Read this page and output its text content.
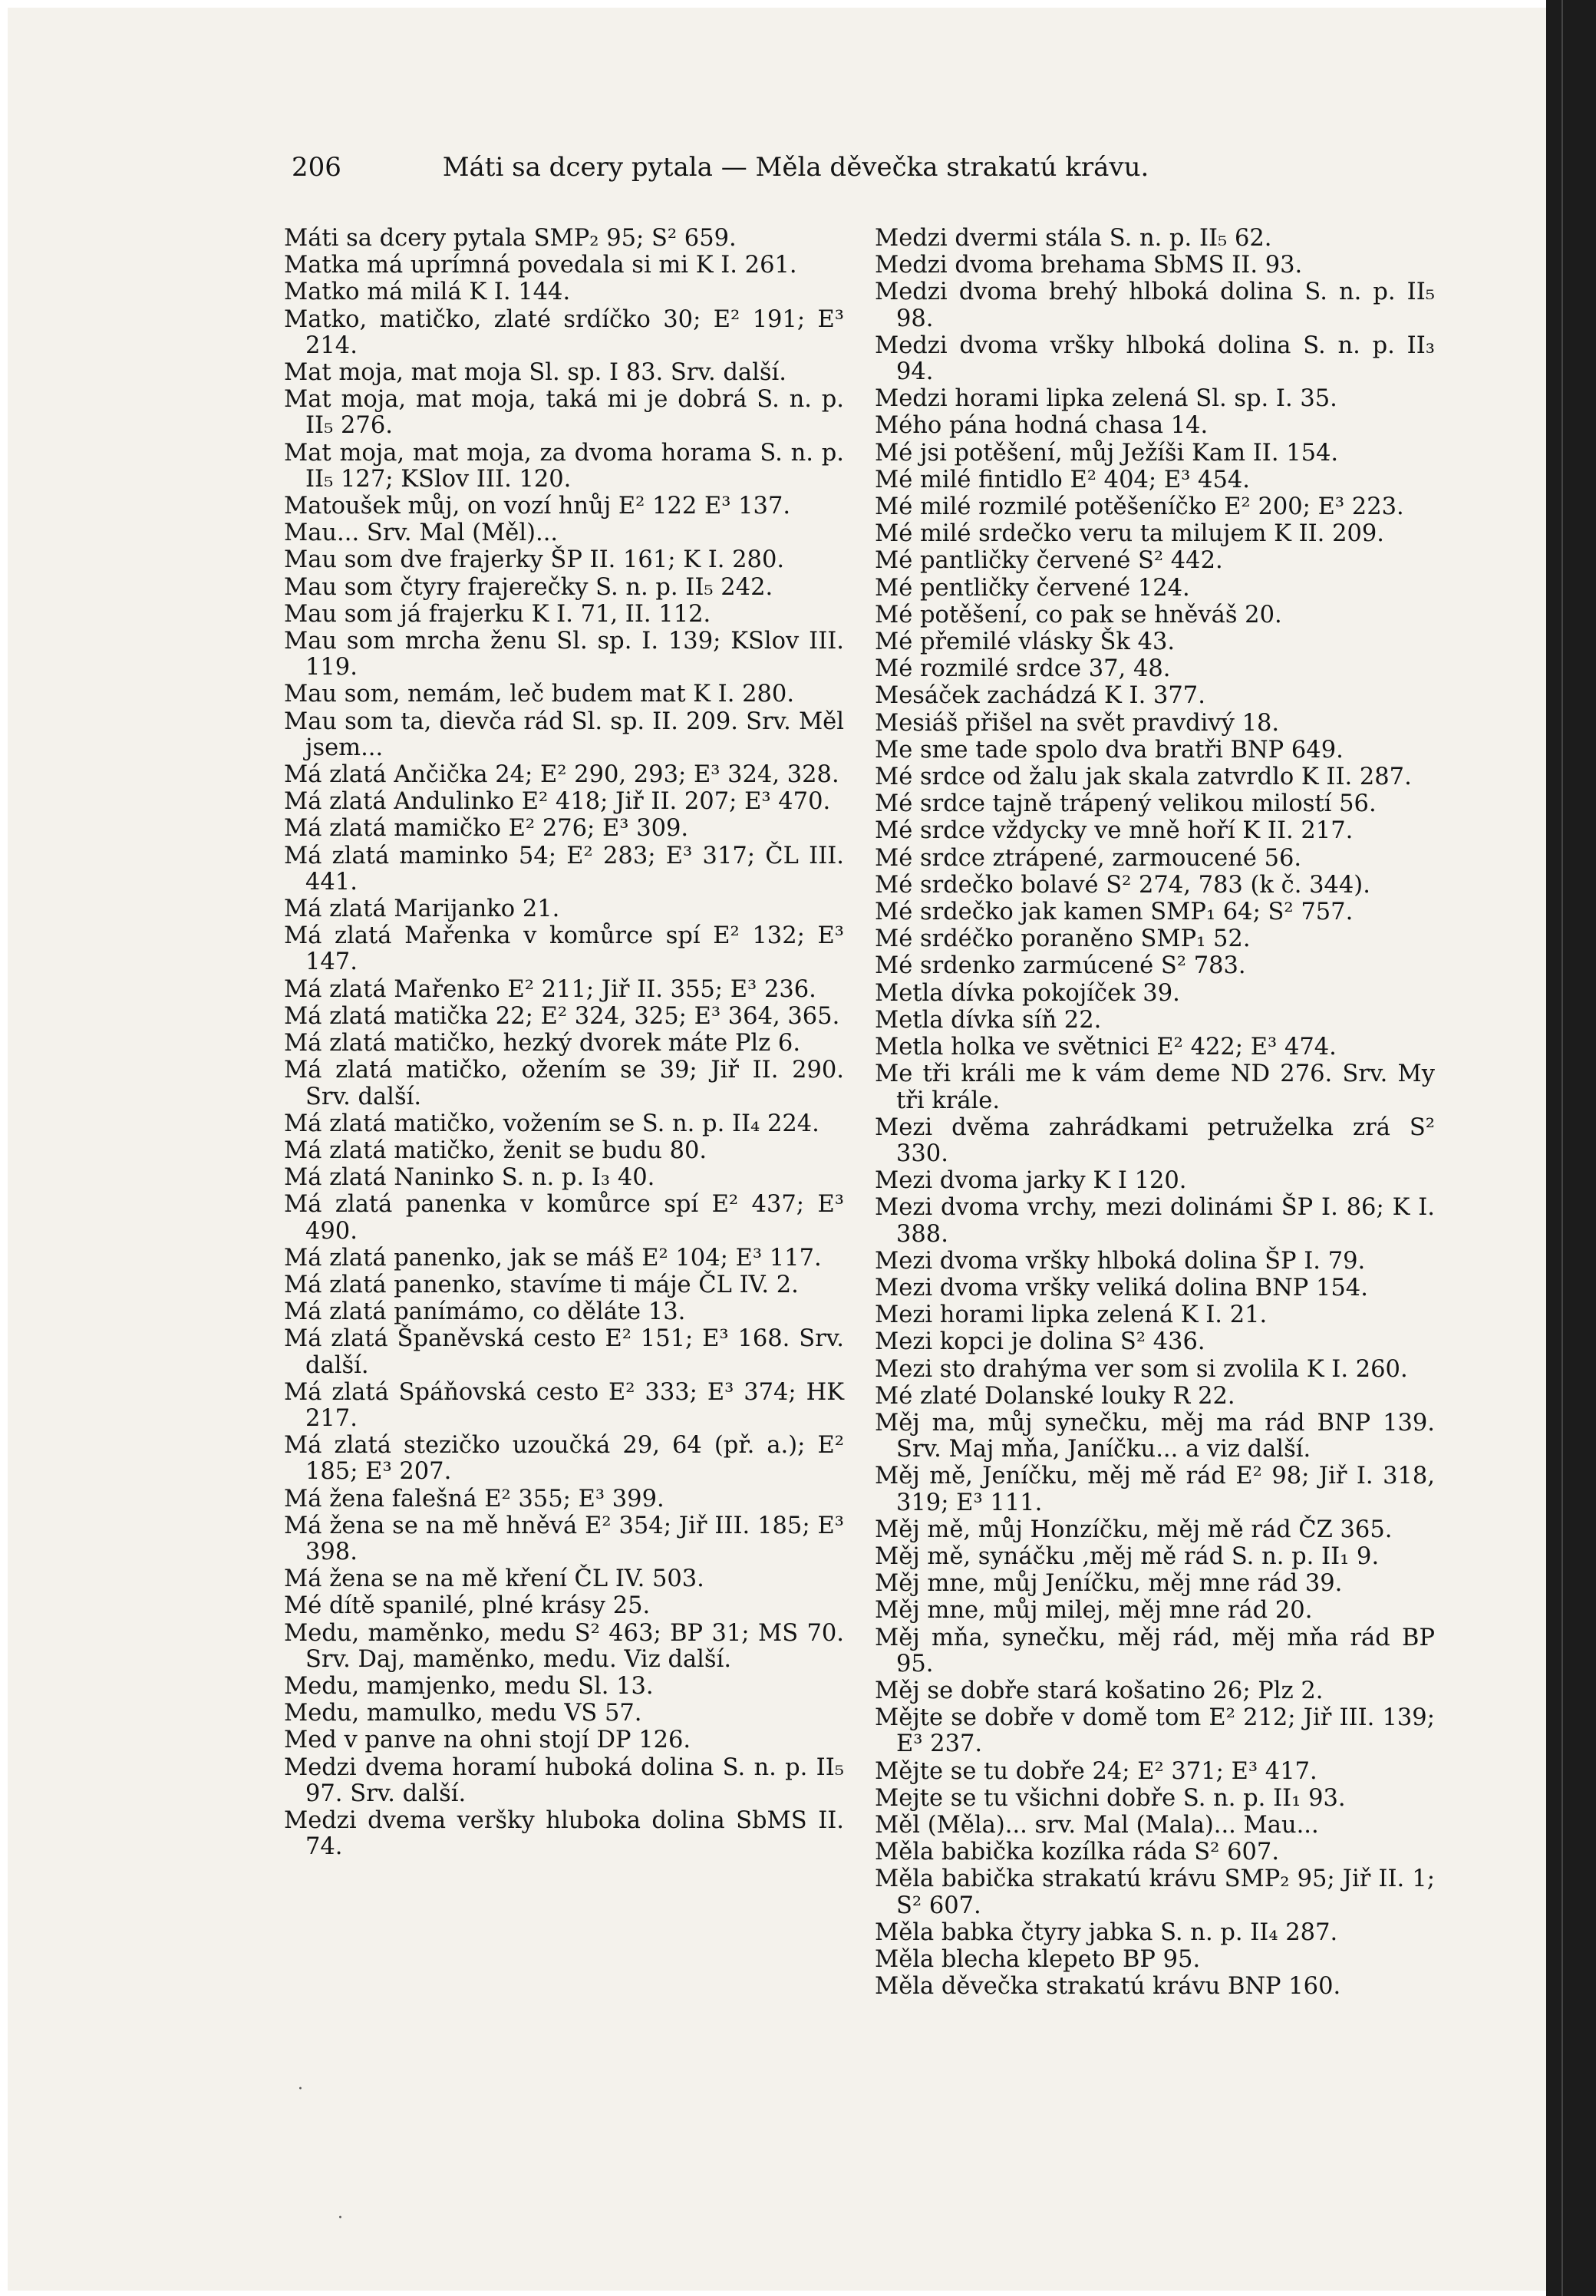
206	Máti sa dcery pytala — Měla děvečka strakatú krávu.
Máti sa dcery pytala SMP₂ 95; S² 659.
Matka má uprímná povedala si mi K I. 261.
Matko má milá K I. 144.
Matko, matičko, zlaté srdíčko 30; E² 191; E³ 214.
Mat moja, mat moja Sl. sp. I 83. Srv. další.
Mat moja, mat moja, taká mi je dobrá S. n. p. II₅ 276.
Mat moja, mat moja, za dvoma horama S. n. p. II₅ 127; KSlov III. 120.
Matoušek můj, on vozí hnůj E² 122 E³ 137.
Mau... Srv. Mal (Měl)...
Mau som dve frajerky ŠP II. 161; K I. 280.
Mau som čtyry frajerečky S. n. p. II₅ 242.
Mau som já frajerku K I. 71, II. 112.
Mau som mrcha ženu Sl. sp. I. 139; KSlov III. 119.
Mau som, nemám, leč budem mat K I. 280.
Mau som ta, dievča rád Sl. sp. II. 209. Srv. Měl jsem...
Má zlatá Ančička 24; E² 290, 293; E³ 324, 328.
Má zlatá Andulinko E² 418; Jiř II. 207; E³ 470.
Má zlatá mamičko E² 276; E³ 309.
Má zlatá maminko 54; E² 283; E³ 317; ČL III. 441.
Má zlatá Marijanko 21.
Má zlatá Mařenka v komůrce spí E² 132; E³ 147.
Má zlatá Mařenko E² 211; Jiř II. 355; E³ 236.
Má zlatá matička 22; E² 324, 325; E³ 364, 365.
Má zlatá matičko, hezký dvorek máte Plz 6.
Má zlatá matičko, ožením se 39; Jiř II. 290. Srv. další.
Má zlatá matičko, vožením se S. n. p. II₄ 224.
Má zlatá matičko, ženit se budu 80.
Má zlatá Naninko S. n. p. I₃ 40.
Má zlatá panenka v komůrce spí E² 437; E³ 490.
Má zlatá panenko, jak se máš E² 104; E³ 117.
Má zlatá panenko, stavíme ti máje ČL IV. 2.
Má zlatá panímámo, co děláte 13.
Má zlatá Španěvská cesto E² 151; E³ 168. Srv. další.
Má zlatá Spáňovská cesto E² 333; E³ 374; HK 217.
Má zlatá stezičko uzoučká 29, 64 (př. a.); E² 185; E³ 207.
Má žena falešná E² 355; E³ 399.
Má žena se na mě hněvá E² 354; Jiř III. 185; E³ 398.
Má žena se na mě kření ČL IV. 503.
Mé dítě spanilé, plné krásy 25.
Medu, maměnko, medu S² 463; BP 31; MS 70. Srv. Daj, maměnko, medu. Viz další.
Medu, mamjenko, medu Sl. 13.
Medu, mamulko, medu VS 57.
Med v panve na ohni stojí DP 126.
Medzi dvema horamí huboká dolina S. n. p. II₅ 97. Srv. další.
Medzi dvema veršky hluboka dolina SbMS II. 74.
Medzi dvermi stála S. n. p. II₅ 62.
Medzi dvoma brehama SbMS II. 93.
Medzi dvoma brehý hlboká dolina S. n. p. II₅ 98.
Medzi dvoma vršky hlboká dolina S. n. p. II₃ 94.
Medzi horami lipka zelená Sl. sp. I. 35.
Mého pána hodná chasa 14.
Mé jsi potěšení, můj Ježíši Kam II. 154.
Mé milé fintidlo E² 404; E³ 454.
Mé milé rozmilé potěšeníčko E² 200; E³ 223.
Mé milé srdečko veru ta milujem K II. 209.
Mé pantličky červené S² 442.
Mé pentličky červené 124.
Mé potěšení, co pak se hněváš 20.
Mé přemilé vlásky Šk 43.
Mé rozmilé srdce 37, 48.
Mesáček zachádzá K I. 377.
Mesiáš přišel na svět pravdivý 18.
Me sme tade spolo dva bratři BNP 649.
Mé srdce od žalu jak skala zatvrdlo K II. 287.
Mé srdce tajně trápený velikou milostí 56.
Mé srdce vždycky ve mně hoří K II. 217.
Mé srdce ztrápené, zarmoucené 56.
Mé srdečko bolavé S² 274, 783 (k č. 344).
Mé srdečko jak kamen SMP₁ 64; S² 757.
Mé srdéčko poraněno SMP₁ 52.
Mé srdenko zarmúcené S² 783.
Metla dívka pokojíček 39.
Metla dívka síň 22.
Metla holka ve světnici E² 422; E³ 474.
Me tři králi me k vám deme ND 276. Srv. My tři krále.
Mezi dvěma zahrádkami petruželka zrá S² 330.
Mezi dvoma jarky K I 120.
Mezi dvoma vrchy, mezi dolinámi ŠP I. 86; K I. 388.
Mezi dvoma vršky hlboká dolina ŠP I. 79.
Mezi dvoma vršky veliká dolina BNP 154.
Mezi horami lipka zelená K I. 21.
Mezi kopci je dolina S² 436.
Mezi sto drahýma ver som si zvolila K I. 260.
Mé zlaté Dolanské louky R 22.
Měj ma, můj synečku, měj ma rád BNP 139. Srv. Maj mňa, Janíčku... a viz další.
Měj mě, Jeníčku, měj mě rád E² 98; Jiř I. 318, 319; E³ 111.
Měj mě, můj Honzíčku, měj mě rád ČZ 365.
Měj mě, synáčku ,měj mě rád S. n. p. II₁ 9.
Měj mne, můj Jeníčku, měj mne rád 39.
Měj mne, můj milej, měj mne rád 20.
Měj mňa, synečku, měj rád, měj mňa rád BP 95.
Měj se dobře stará košatino 26; Plz 2.
Mějte se dobře v domě tom E² 212; Jiř III. 139; E³ 237.
Mějte se tu dobře 24; E² 371; E³ 417.
Mejte se tu všichni dobře S. n. p. II₁ 93.
Měl (Měla)... srv. Mal (Mala)... Mau...
Měla babička kozílka ráda S² 607.
Měla babička strakatú krávu SMP₂ 95; Jiř II. 1; S² 607.
Měla babka čtyry jabka S. n. p. II₄ 287.
Měla blecha klepeto BP 95.
Měla děvečka strakatú krávu BNP 160.
·
·
